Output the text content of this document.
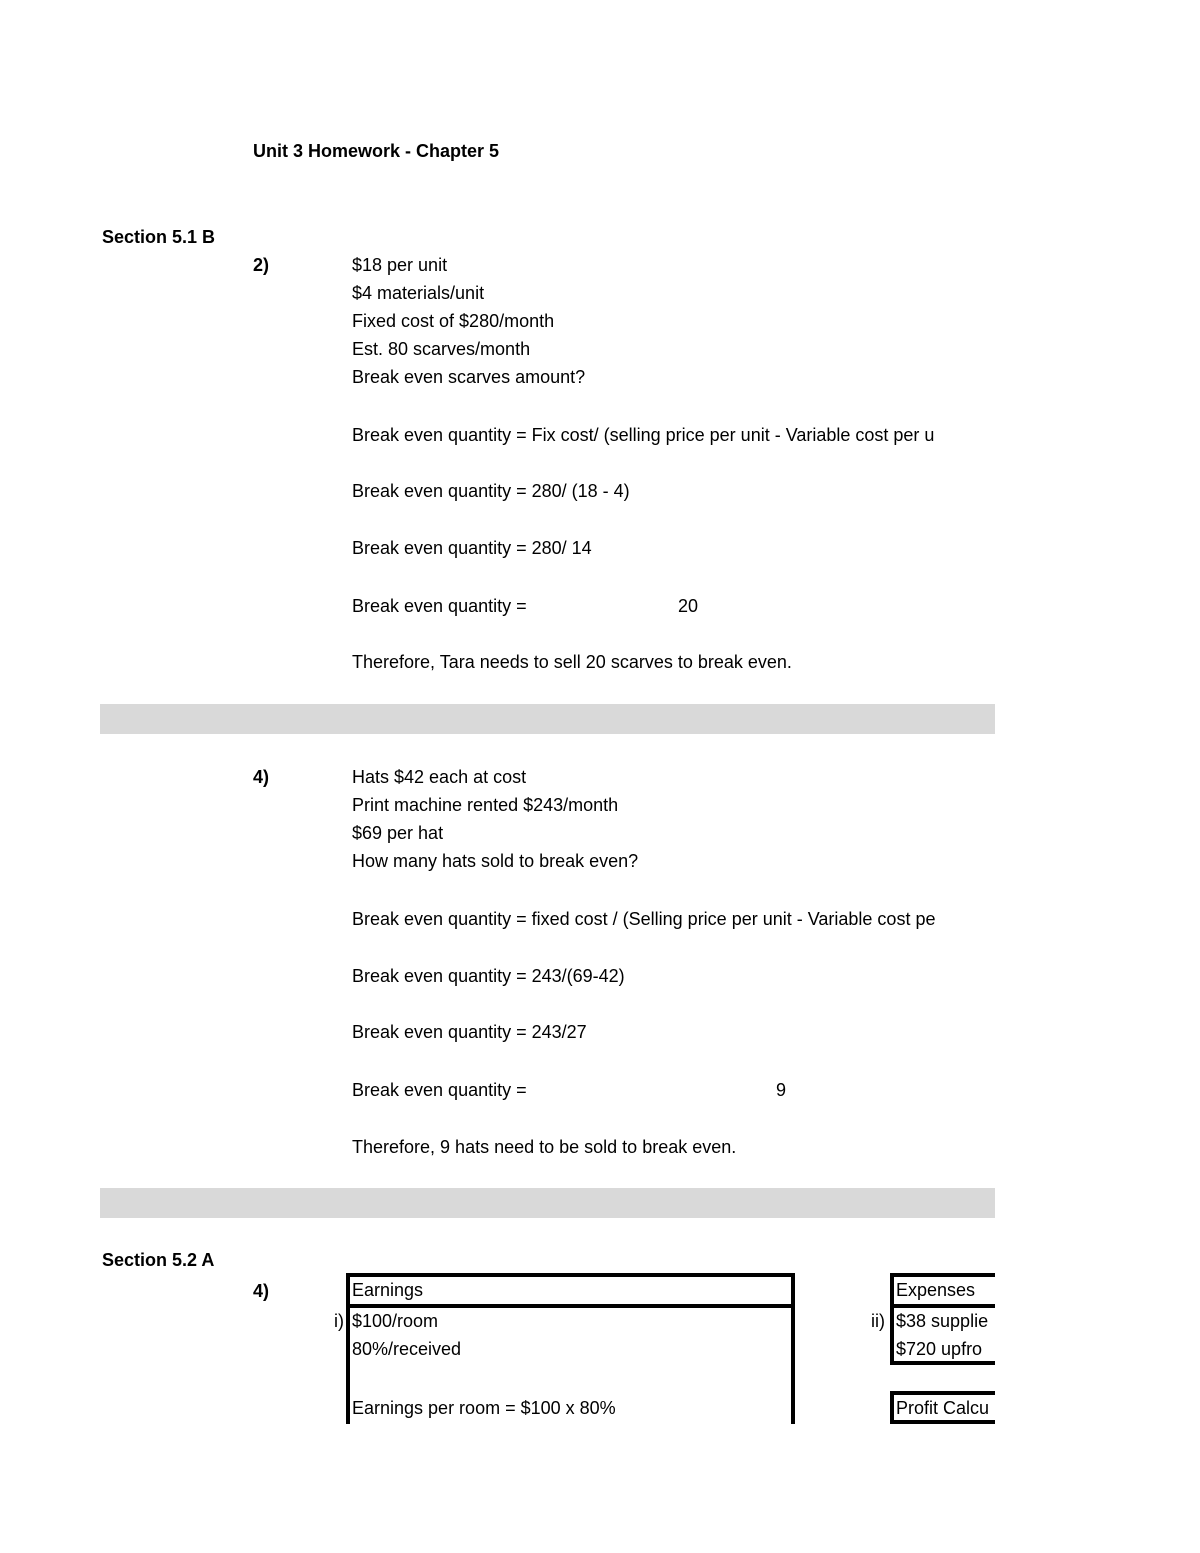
Unit 3 Homework - Chapter 5
Section 5.1 B
2)	$18 per unit
$4 materials/unit
Fixed cost of $280/month
Est. 80 scarves/month
Break even scarves amount?
Break even quantity = Fix cost/ (selling price per unit - Variable cost per u
Break even quantity = 280/ (18 - 4)
Break even quantity = 280/ 14
Break even quantity =	20
Therefore, Tara needs to sell 20 scarves to break even.
4)	Hats $42 each at cost
Print machine rented $243/month
$69 per hat
How many hats sold to break even?
Break even quantity = fixed cost / (Selling price per unit - Variable cost pe
Break even quantity = 243/(69-42)
Break even quantity = 243/27
Break even quantity =	9
Therefore, 9 hats need to be sold to break even.
Section 5.2 A
4)	Earnings
i) $100/room
80%/received
Earnings per room = $100 x 80%
Expenses
ii) $38 supplie
$720 upfro
Profit Calcu
